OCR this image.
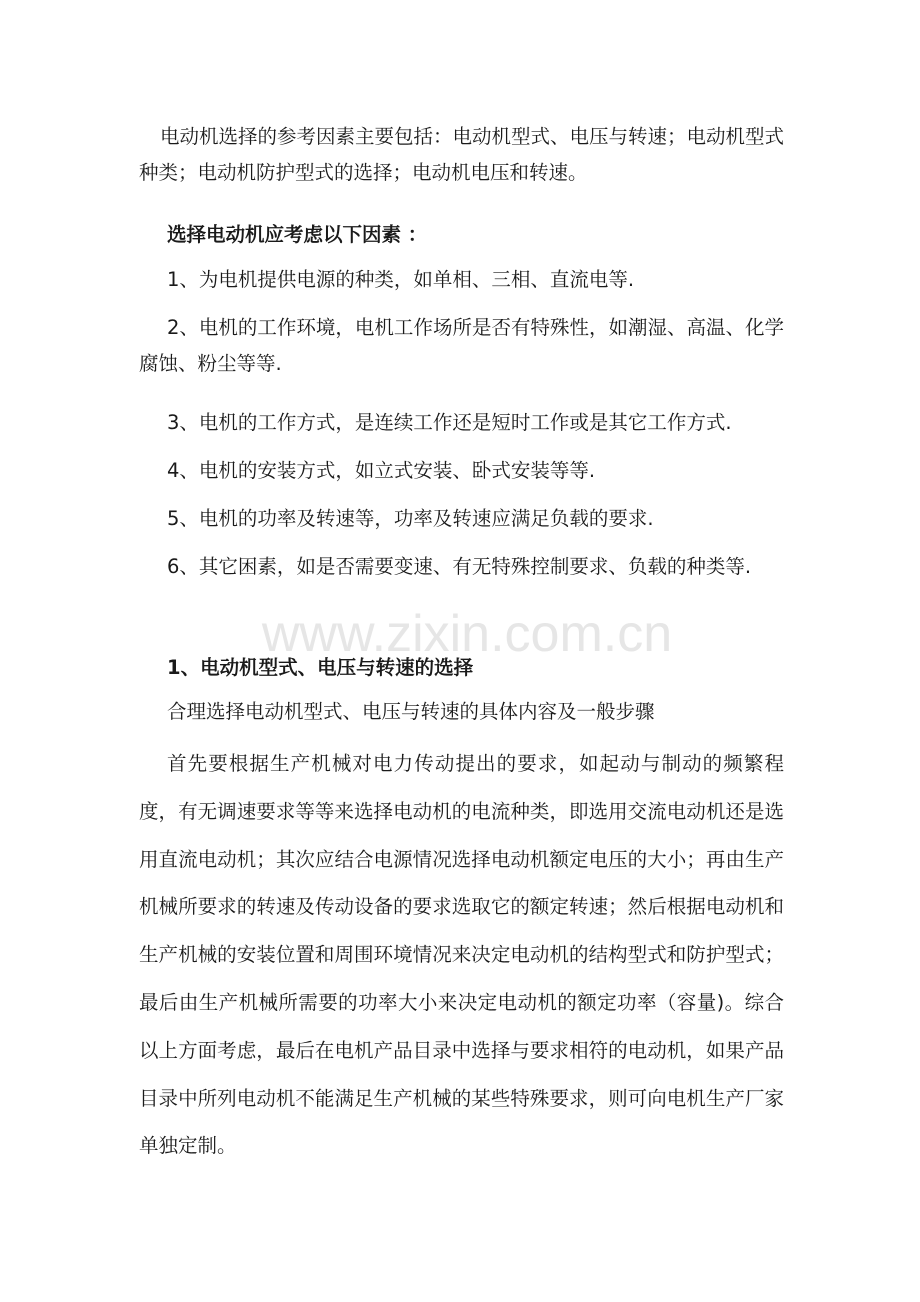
电动机选择的参考因素主要包括：电动机型式、电压与转速；电动机型式种类；电动机防护型式的选择；电动机电压和转速。

选择电动机应考虑以下因素 ：

1、为电机提供电源的种类，如单相、三相、直流电等.

2、电机的工作环境，电机工作场所是否有特殊性，如潮湿、高温、化学腐蚀、粉尘等等.

3、电机的工作方式，是连续工作还是短时工作或是其它工作方式.

4、电机的安装方式，如立式安装、卧式安装等等.

5、电机的功率及转速等，功率及转速应满足负载的要求.

6、其它困素，如是否需要变速、有无特殊控制要求、负载的种类等.

www.zixin.com.cn

1、电动机型式、电压与转速的选择

合理选择电动机型式、电压与转速的具体内容及一般步骤

首先要根据生产机械对电力传动提出的要求，如起动与制动的频繁程度，有无调速要求等等来选择电动机的电流种类，即选用交流电动机还是选用直流电动机；其次应结合电源情况选择电动机额定电压的大小；再由生产机械所要求的转速及传动设备的要求选取它的额定转速；然后根据电动机和生产机械的安装位置和周围环境情况来决定电动机的结构型式和防护型式；最后由生产机械所需要的功率大小来决定电动机的额定功率（容量)。综合以上方面考虑，最后在电机产品目录中选择与要求相符的电动机，如果产品目录中所列电动机不能满足生产机械的某些特殊要求，则可向电机生产厂家单独定制。
